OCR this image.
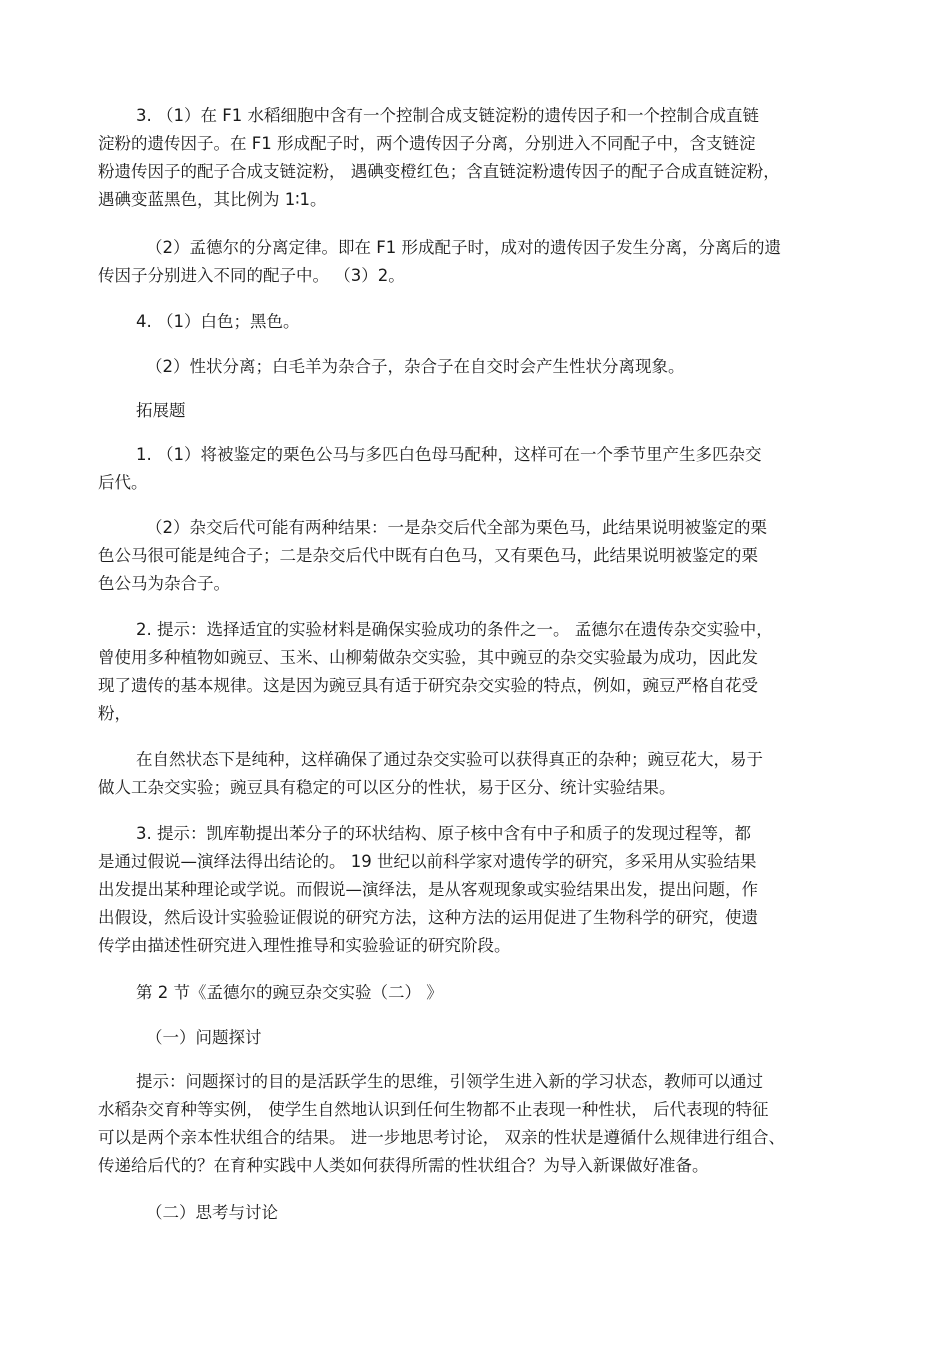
3. （1）在 F1 水稻细胞中含有一个控制合成支链淀粉的遗传因子和一个控制合成直链
淀粉的遗传因子。在 F1 形成配子时，两个遗传因子分离，分别进入不同配子中，含支链淀
粉遗传因子的配子合成支链淀粉， 遇碘变橙红色；含直链淀粉遗传因子的配子合成直链淀粉，
遇碘变蓝黑色，其比例为 1∶1。
（2）孟德尔的分离定律。即在 F1 形成配子时，成对的遗传因子发生分离，分离后的遗
传因子分别进入不同的配子中。 （3）2。
4. （1）白色；黑色。
（2）性状分离；白毛羊为杂合子，杂合子在自交时会产生性状分离现象。
拓展题
1. （1）将被鉴定的栗色公马与多匹白色母马配种，这样可在一个季节里产生多匹杂交
后代。
（2）杂交后代可能有两种结果：一是杂交后代全部为栗色马，此结果说明被鉴定的栗
色公马很可能是纯合子；二是杂交后代中既有白色马，又有栗色马，此结果说明被鉴定的栗
色公马为杂合子。
2. 提示：选择适宜的实验材料是确保实验成功的条件之一。 孟德尔在遗传杂交实验中，
曾使用多种植物如豌豆、玉米、山柳菊做杂交实验，其中豌豆的杂交实验最为成功，因此发
现了遗传的基本规律。这是因为豌豆具有适于研究杂交实验的特点，例如，豌豆严格自花受
粉，
在自然状态下是纯种，这样确保了通过杂交实验可以获得真正的杂种；豌豆花大，易于
做人工杂交实验；豌豆具有稳定的可以区分的性状，易于区分、统计实验结果。
3. 提示：凯库勒提出苯分子的环状结构、原子核中含有中子和质子的发现过程等，都
是通过假说—演绎法得出结论的。 19 世纪以前科学家对遗传学的研究，多采用从实验结果
出发提出某种理论或学说。而假说—演绎法，是从客观现象或实验结果出发，提出问题，作
出假设，然后设计实验验证假说的研究方法，这种方法的运用促进了生物科学的研究，使遗
传学由描述性研究进入理性推导和实验验证的研究阶段。
第 2 节《孟德尔的豌豆杂交实验（二） 》
（一）问题探讨
提示：问题探讨的目的是活跃学生的思维，引领学生进入新的学习状态，教师可以通过
水稻杂交育种等实例， 使学生自然地认识到任何生物都不止表现一种性状， 后代表现的特征
可以是两个亲本性状组合的结果。 进一步地思考讨论， 双亲的性状是遵循什么规律进行组合、
传递给后代的？在育种实践中人类如何获得所需的性状组合？为导入新课做好准备。
（二）思考与讨论
